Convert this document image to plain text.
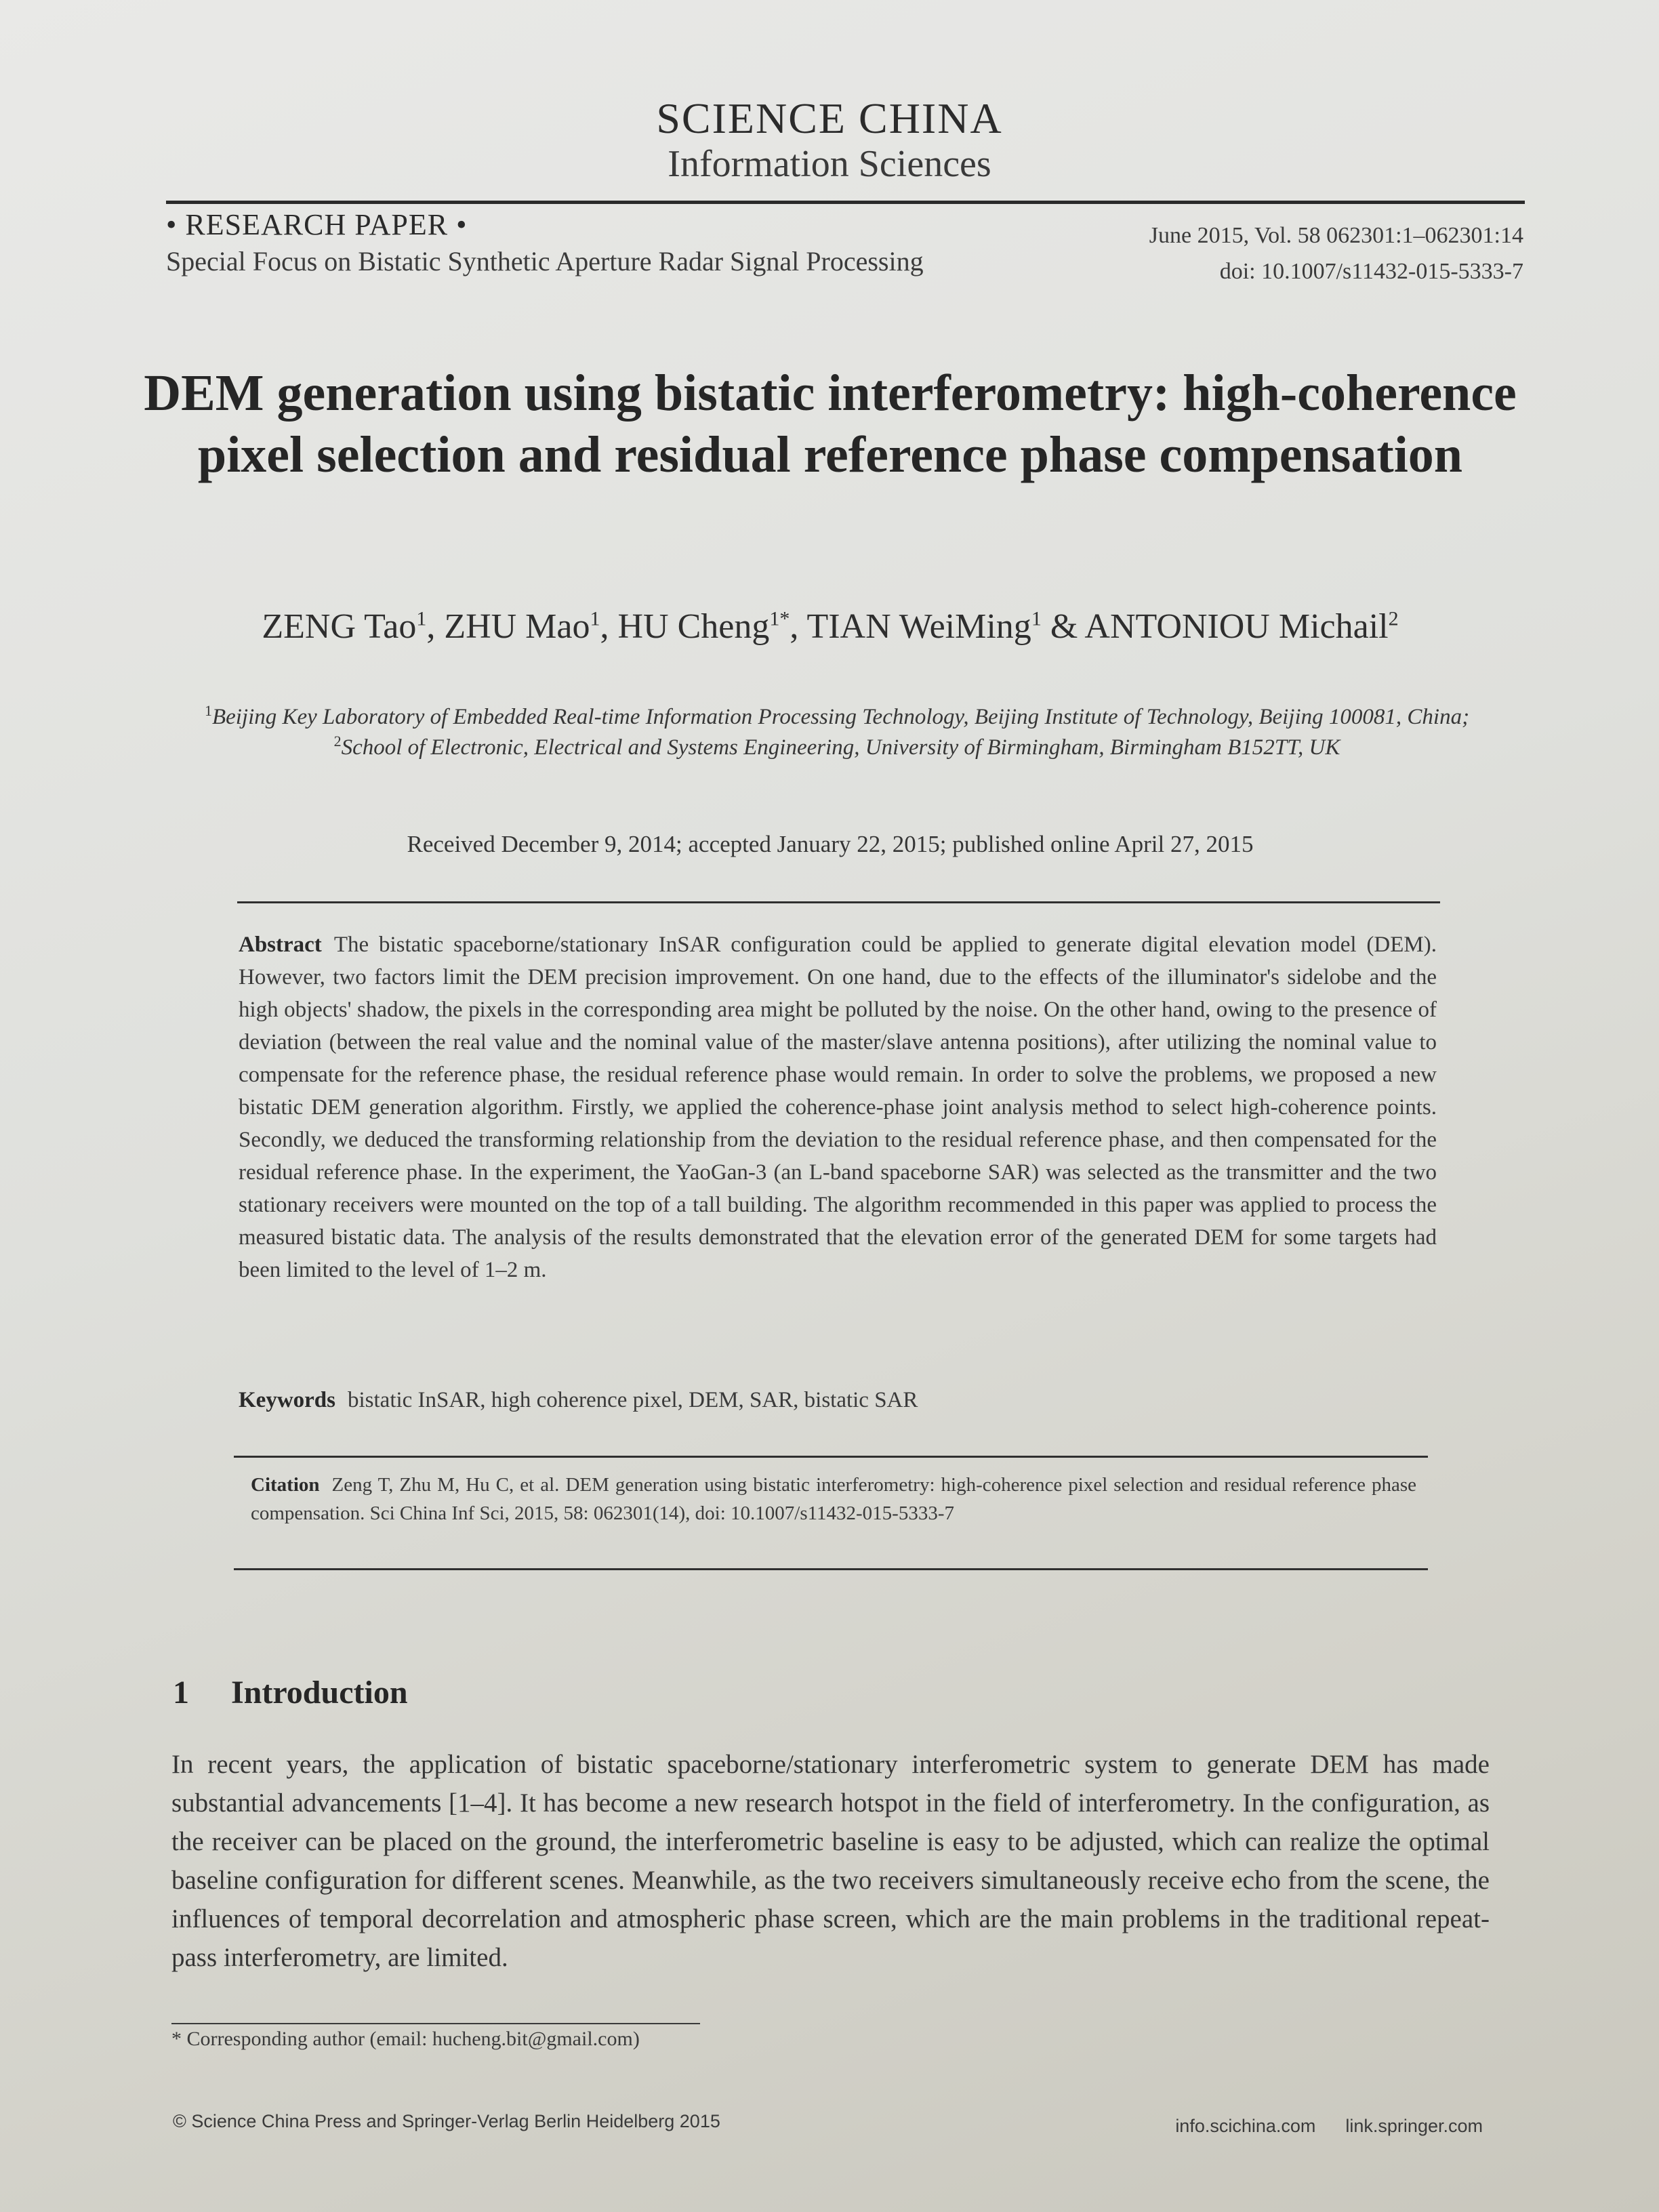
SCIENCE CHINA
Information Sciences
• RESEARCH PAPER •
Special Focus on Bistatic Synthetic Aperture Radar Signal Processing
June 2015, Vol. 58 062301:1–062301:14
doi: 10.1007/s11432-015-5333-7
DEM generation using bistatic interferometry: high-coherence pixel selection and residual reference phase compensation
ZENG Tao$^1$, ZHU Mao$^1$, HU Cheng$^{1*}$, TIAN WeiMing$^1$ & ANTONIOU Michail$^2$
$^1$Beijing Key Laboratory of Embedded Real-time Information Processing Technology, Beijing Institute of Technology, Beijing 100081, China;
$^2$School of Electronic, Electrical and Systems Engineering, University of Birmingham, Birmingham B152TT, UK
Received December 9, 2014; accepted January 22, 2015; published online April 27, 2015
Abstract The bistatic spaceborne/stationary InSAR configuration could be applied to generate digital elevation model (DEM). However, two factors limit the DEM precision improvement. On one hand, due to the effects of the illuminator's sidelobe and the high objects' shadow, the pixels in the corresponding area might be polluted by the noise. On the other hand, owing to the presence of deviation (between the real value and the nominal value of the master/slave antenna positions), after utilizing the nominal value to compensate for the reference phase, the residual reference phase would remain. In order to solve the problems, we proposed a new bistatic DEM generation algorithm. Firstly, we applied the coherence-phase joint analysis method to select high-coherence points. Secondly, we deduced the transforming relationship from the deviation to the residual reference phase, and then compensated for the residual reference phase. In the experiment, the YaoGan-3 (an L-band spaceborne SAR) was selected as the transmitter and the two stationary receivers were mounted on the top of a tall building. The algorithm recommended in this paper was applied to process the measured bistatic data. The analysis of the results demonstrated that the elevation error of the generated DEM for some targets had been limited to the level of 1–2 m.
Keywords bistatic InSAR, high coherence pixel, DEM, SAR, bistatic SAR
Citation Zeng T, Zhu M, Hu C, et al. DEM generation using bistatic interferometry: high-coherence pixel selection and residual reference phase compensation. Sci China Inf Sci, 2015, 58: 062301(14), doi: 10.1007/s11432-015-5333-7
1 Introduction
In recent years, the application of bistatic spaceborne/stationary interferometric system to generate DEM has made substantial advancements [1–4]. It has become a new research hotspot in the field of interferometry. In the configuration, as the receiver can be placed on the ground, the interferometric baseline is easy to be adjusted, which can realize the optimal baseline configuration for different scenes. Meanwhile, as the two receivers simultaneously receive echo from the scene, the influences of temporal decorrelation and atmospheric phase screen, which are the main problems in the traditional repeat-pass interferometry, are limited.
* Corresponding author (email: hucheng.bit@gmail.com)
© Science China Press and Springer-Verlag Berlin Heidelberg 2015	info.scichina.com link.springer.com
